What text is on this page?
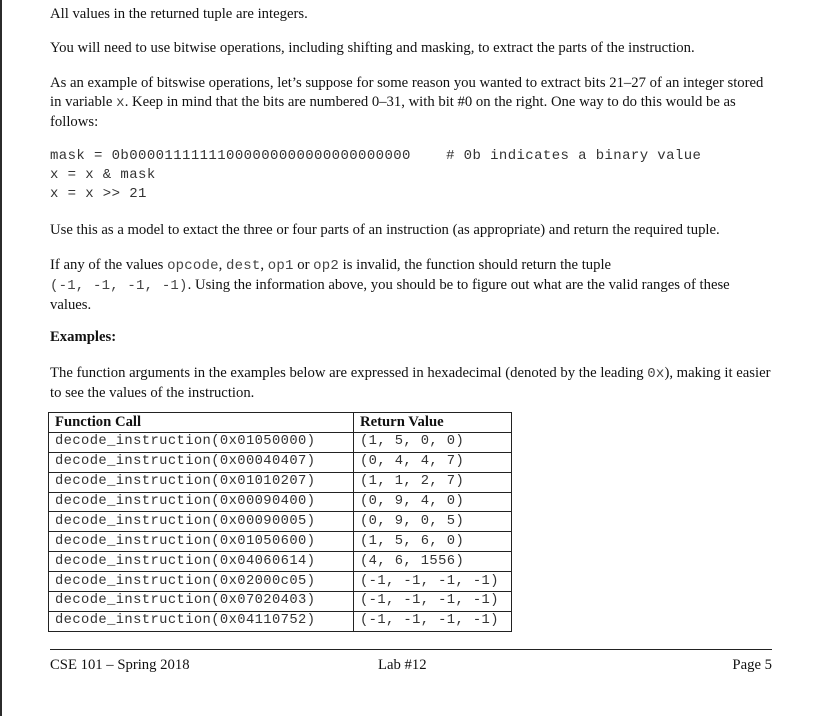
All values in the returned tuple are integers.

You will need to use bitwise operations, including shifting and masking, to extract the parts of the instruction.

As an example of bitswise operations, let’s suppose for some reason you wanted to extract bits 21–27 of an integer stored in variable x. Keep in mind that the bits are numbered 0–31, with bit #0 on the right. One way to do this would be as follows:

mask = 0b00001111111000000000000000000000	# 0b indicates a binary value
x = x & mask
x = x >> 21

Use this as a model to extact the three or four parts of an instruction (as appropriate) and return the required tuple.

If any of the values opcode, dest, op1 or op2 is invalid, the function should return the tuple
(-1, -1, -1, -1). Using the information above, you should be to figure out what are the valid ranges of these values.

Examples:

The function arguments in the examples below are expressed in hexadecimal (denoted by the leading 0x), making it easier to see the values of the instruction.

Function Call	Return Value
decode_instruction(0x01050000)	(1, 5, 0, 0)
decode_instruction(0x00040407)	(0, 4, 4, 7)
decode_instruction(0x01010207)	(1, 1, 2, 7)
decode_instruction(0x00090400)	(0, 9, 4, 0)
decode_instruction(0x00090005)	(0, 9, 0, 5)
decode_instruction(0x01050600)	(1, 5, 6, 0)
decode_instruction(0x04060614)	(4, 6, 1556)
decode_instruction(0x02000c05)	(-1, -1, -1, -1)
decode_instruction(0x07020403)	(-1, -1, -1, -1)
decode_instruction(0x04110752)	(-1, -1, -1, -1)
CSE 101 – Spring 2018	Lab #12	Page 5
